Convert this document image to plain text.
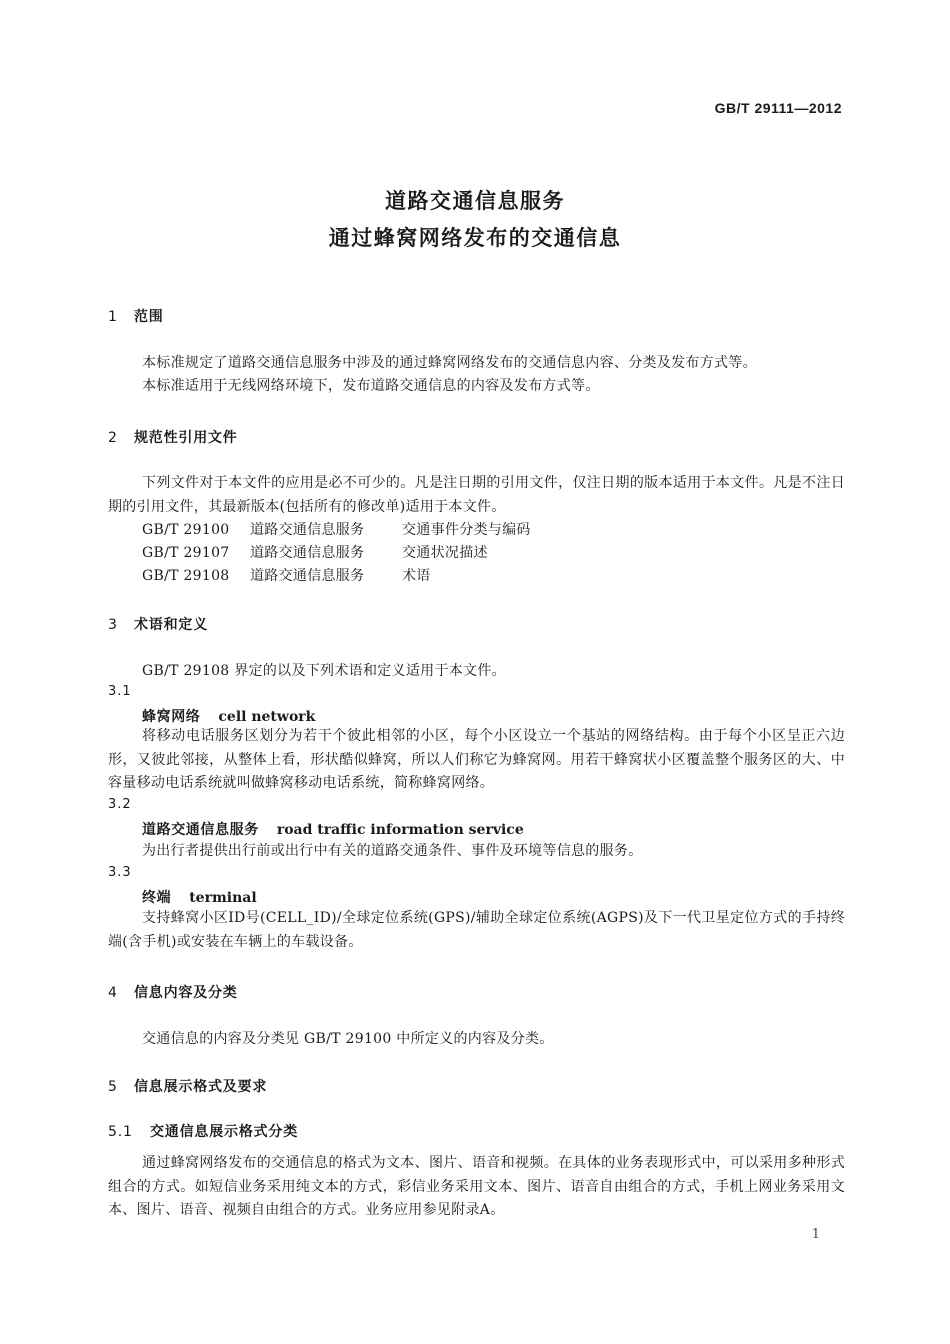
GB/T 29111—2012
道路交通信息服务
通过蜂窝网络发布的交通信息
1 范围
本标准规定了道路交通信息服务中涉及的通过蜂窝网络发布的交通信息内容、分类及发布方式等。
本标准适用于无线网络环境下，发布道路交通信息的内容及发布方式等。
2 规范性引用文件
下列文件对于本文件的应用是必不可少的。凡是注日期的引用文件，仅注日期的版本适用于本文件。凡是不注日期的引用文件，其最新版本(包括所有的修改单)适用于本文件。
GB/T 29100 道路交通信息服务	交通事件分类与编码
GB/T 29107 道路交通信息服务	交通状况描述
GB/T 29108 道路交通信息服务	术语
3 术语和定义
GB/T 29108 界定的以及下列术语和定义适用于本文件。
3.1
蜂窝网络 cell network
将移动电话服务区划分为若干个彼此相邻的小区，每个小区设立一个基站的网络结构。由于每个小区呈正六边形，又彼此邻接，从整体上看，形状酷似蜂窝，所以人们称它为蜂窝网。用若干蜂窝状小区覆盖整个服务区的大、中容量移动电话系统就叫做蜂窝移动电话系统，简称蜂窝网络。
3.2
道路交通信息服务 road traffic information service
为出行者提供出行前或出行中有关的道路交通条件、事件及环境等信息的服务。
3.3
终端 terminal
支持蜂窝小区ID号(CELL_ID)/全球定位系统(GPS)/辅助全球定位系统(AGPS)及下一代卫星定位方式的手持终端(含手机)或安装在车辆上的车载设备。
4 信息内容及分类
交通信息的内容及分类见 GB/T 29100 中所定义的内容及分类。
5 信息展示格式及要求
5.1 交通信息展示格式分类
通过蜂窝网络发布的交通信息的格式为文本、图片、语音和视频。在具体的业务表现形式中，可以采用多种形式组合的方式。如短信业务采用纯文本的方式，彩信业务采用文本、图片、语音自由组合的方式，手机上网业务采用文本、图片、语音、视频自由组合的方式。业务应用参见附录A。
1
